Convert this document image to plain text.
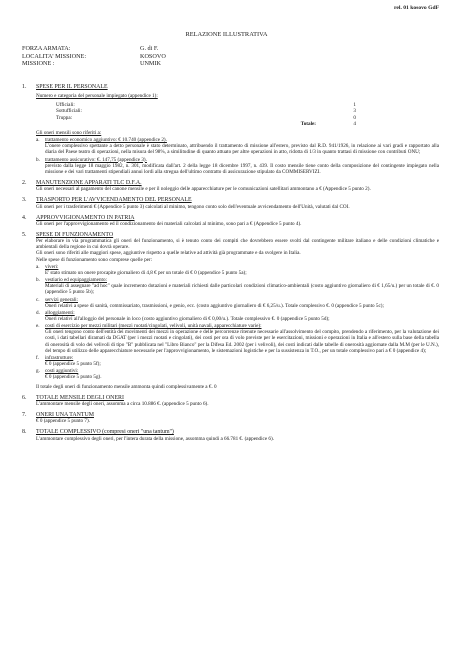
rel. 01 kosovo GdF
RELAZIONE ILLUSTRATIVA
FORZA ARMATA:	G. di F.
LOCALITA' MISSIONE:	KOSOVO
MISSIONE :	UNMIK
1.	SPESE PER IL PERSONALE

Numero e categoria del personale impiegato (appendice 1):

Ufficiali:	1
Sottufficiali:	3
Truppa:	0
Totale:	4

Gli oneri mensili sono riferiti a:

a.	trattamento economico aggiuntivo: € 10.740 (appendice 2).

L'onere complessivo spettante a detto personale è stato determinato, attribuendo il trattamento di missione all'estero, previsto dal R.D. 941/1926, in relazione ai vari gradi e rapportato alla diaria del Paese teatro di operazioni, nella misura del 98%, a similitudine di quanto attuato per altre operazioni in atto, ridotta di 1/3 in quanto trattasi di missione con contributi ONU;

b. trattamento assicurativo: €. 147,75 (appendice 3).

previsto dalla legge 18 maggio 1982, n. 301, modificata dall'art. 2 della legge 18 dicembre 1997, n. 439. Il costo mensile tiene conto della composizione del contingente impiegato nella missione e dei vari trattamenti stipendiali annui lordi alla stregua dell'ultimo contratto di assicurazione stipulato da COMMISERVIZI.

2.	MANUTENZIONE APPARATI TLC D.F.A.

Gli oneri necessari al pagamento del canone mensile e per il noleggio delle apparecchiature per le comunicazioni satellitari ammontano a € (Appendice 5 punto 2).

3.	TRASPORTO PER L'AVVICENDAMENTO DEL PERSONALE

Gli oneri per i trasferimenti € (Appendice 5 punto 3) calcolati al minimo, tengono conto solo dell'eventuale avvicendamento dell'Unità, valutati dal COI.

4.	APPROVVIGIONAMENTO IN PATRIA

Gli oneri per l'approvvigionamento ed il condizionamento dei materiali calcolati al minimo, sono pari a € (Appendice 5 punto 4).

5.	SPESE DI FUNZIONAMENTO

Per elaborare in via programmatica gli oneri del funzionamento, si è tenuto conto dei compiti che dovrebbero essere svolti dal contingente militare italiano e delle condizioni climatiche e ambientali della regione in cui dovrà operare.

Gli oneri sono riferiti alle maggiori spese, aggiuntive rispetto a quelle relative ad attività già programmate e da svolgere in Italia.

Nelle spese di funzionamento sono comprese quelle per:

a.	viveri:

E' stato stimato un onere procapite giornaliero di 4,8 € per un totale di € 0 (appendice 5 punto 5a);

b. vestiario ed equipaggiamento:

Materiali di assegnare "ad hoc" quale incremento dotazioni e materiali richiesti dalle particolari condizioni climatico-ambientali (costo aggiuntivo giornaliero di € 1,65/u.) per un totale di €. 0 (appendice 5 punto 5b);

c.	servizi generali:

Oneri relativi a spese di sanità, commissariato, trasmissioni, e genio, ecc. (costo aggiuntivo giornaliero di € 6,25/u.). Totale complessivo €. 0 (appendice 5 punto 5c);

d. alloggiamenti:

Oneri relativi all'alloggio del personale in loco (costo aggiuntivo giornaliero di € 0,00/u.). Totale complessivo €. 0 (appendice 5 punto 5d);

e.	costi di esercizio per mezzi militari (mezzi ruotati/cingolati, velivoli, unità navali, apparecchiature varie):

Gli oneri tengono conto dell'entità dei movimenti dei mezzi in operazione e delle percorrenze ritenute necessarie all'assolvimento del compito, prendendo a riferimento, per la valutazione dei costi, i dati tabellari diramati da DGAT (per i mezzi ruotati e cingolati), dei costi per ora di volo previste per le esercitazioni, missioni e operazioni in Italia e all'estero sulla base della tabella di onerosità di volo dei velivoli di tipo "B" pubblicata nel "Libro Bianco" per la Difesa Ed. 2002 (per i velivoli), dei costi indicati dalle tabelle di onerosità aggiornate dalla M.M (per le U.N.), del tempo di utilizzo delle apparecchiature necessarie per l'approvvigionamento, le sistemazioni logistiche e per la sussistenza in T.O., per un totale complessivo pari a € 0 (appendice 4);

f.	infrastrutture:

€ 0 (appendice 5 punto 5f);

g. costi aggiuntivi:

€ 0 (appendice 5 punto 5g).

Il totale degli oneri di funzionamento mensile ammonta quindi complessivamente a €. 0

6.	TOTALE MENSILE DEGLI ONERI

L'ammontare mensile degli oneri, assomma a circa 10.886 €. (appendice 5 punto 6).

7.	ONERI UNA TANTUM

€ 0 (appendice 5 punto 7).

8.	TOTALE COMPLESSIVO (compresi oneri "una tantum")

L'ammontare complessivo degli oneri, per l'intera durata della missione, assomma quindi a 66.781 €. (appendice 6).
